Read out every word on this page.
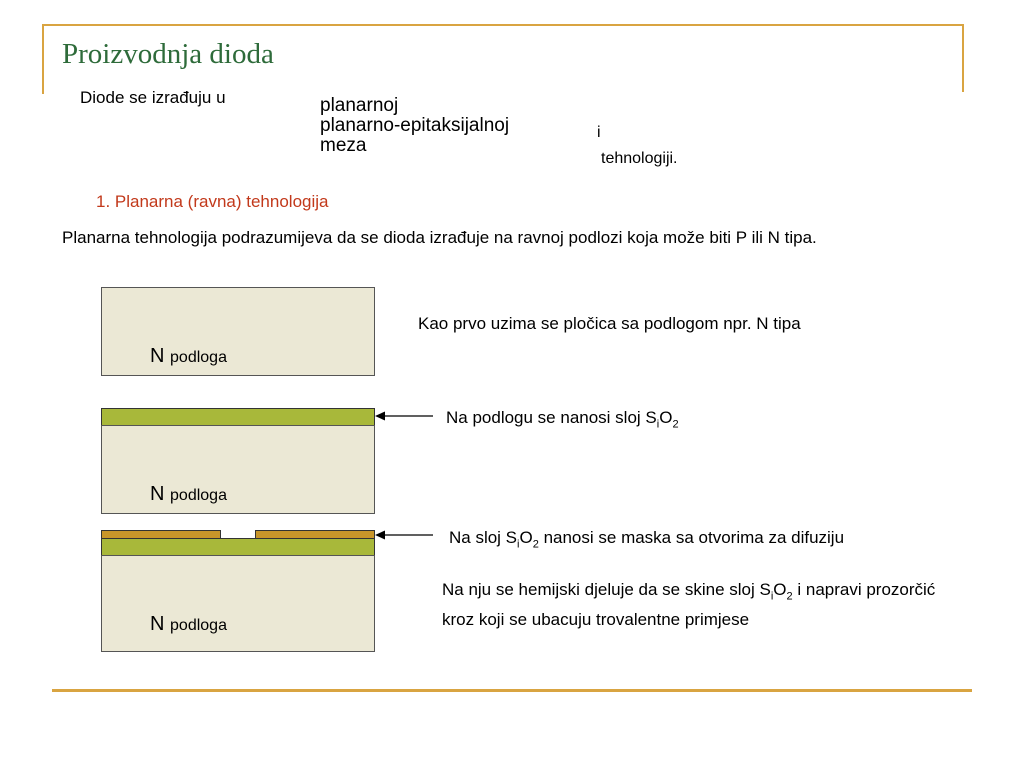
Proizvodnja dioda
Diode se izrađuju u	planarnoj
planarno-epitaksijalnoj
meza
i
tehnologiji.
1. Planarna (ravna) tehnologija
Planarna tehnologija podrazumijeva da se dioda izrađuje na ravnoj podlozi koja može biti P ili N tipa.
N podloga
Kao prvo uzima se pločica sa podlogom npr. N tipa
N podloga
Na podlogu se nanosi sloj $S_iO_2$
N podloga
Na sloj $S_iO_2$ nanosi se maska sa otvorima za difuziju
Na nju se hemijski djeluje da se skine sloj $S_iO_2$ i napravi prozorčić kroz koji se ubacuju trovalentne primjese
